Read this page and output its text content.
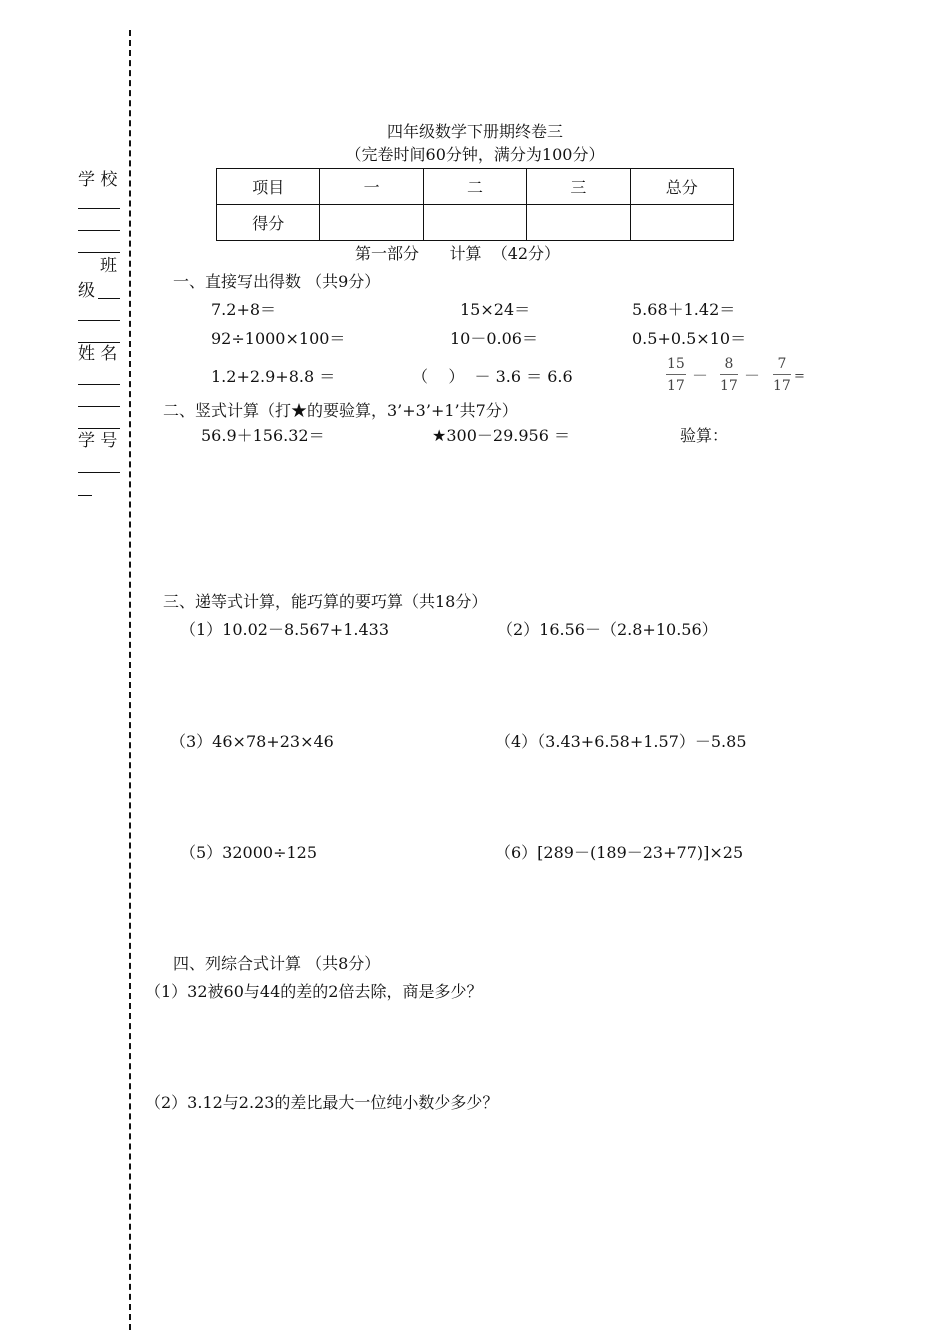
学 校
班
级
姓 名
学 号
四年级数学下册期终卷三
（完卷时间60分钟，满分为100分）
项目	一	二	三	总分
得分				
第一部分      计算  （42分）
一、直接写出得数 （共9分）
7.2+8＝	15×24＝	5.68＋1.42＝
92÷1000×100＝	10－0.06＝	0.5+0.5×10＝
1.2+2.9+8.8 ＝	（    ）  － 3.6 ＝ 6.6	$\frac{15}{17} - \frac{8}{17} - \frac{7}{17}$ =
二、竖式计算（打★的要验算，3’+3’+1’共7分）
56.9＋156.32＝	★300－29.956 ＝	验算：
三、递等式计算，能巧算的要巧算（共18分）
（1）10.02－8.567+1.433	（2）16.56－（2.8+10.56）
（3）46×78+23×46	（4）（3.43+6.58+1.57）－5.85
（5）32000÷125	（6）[289－(189－23+77)]×25
四、列综合式计算 （共8分）
（1）32被60与44的差的2倍去除，商是多少？
（2）3.12与2.23的差比最大一位纯小数少多少？
